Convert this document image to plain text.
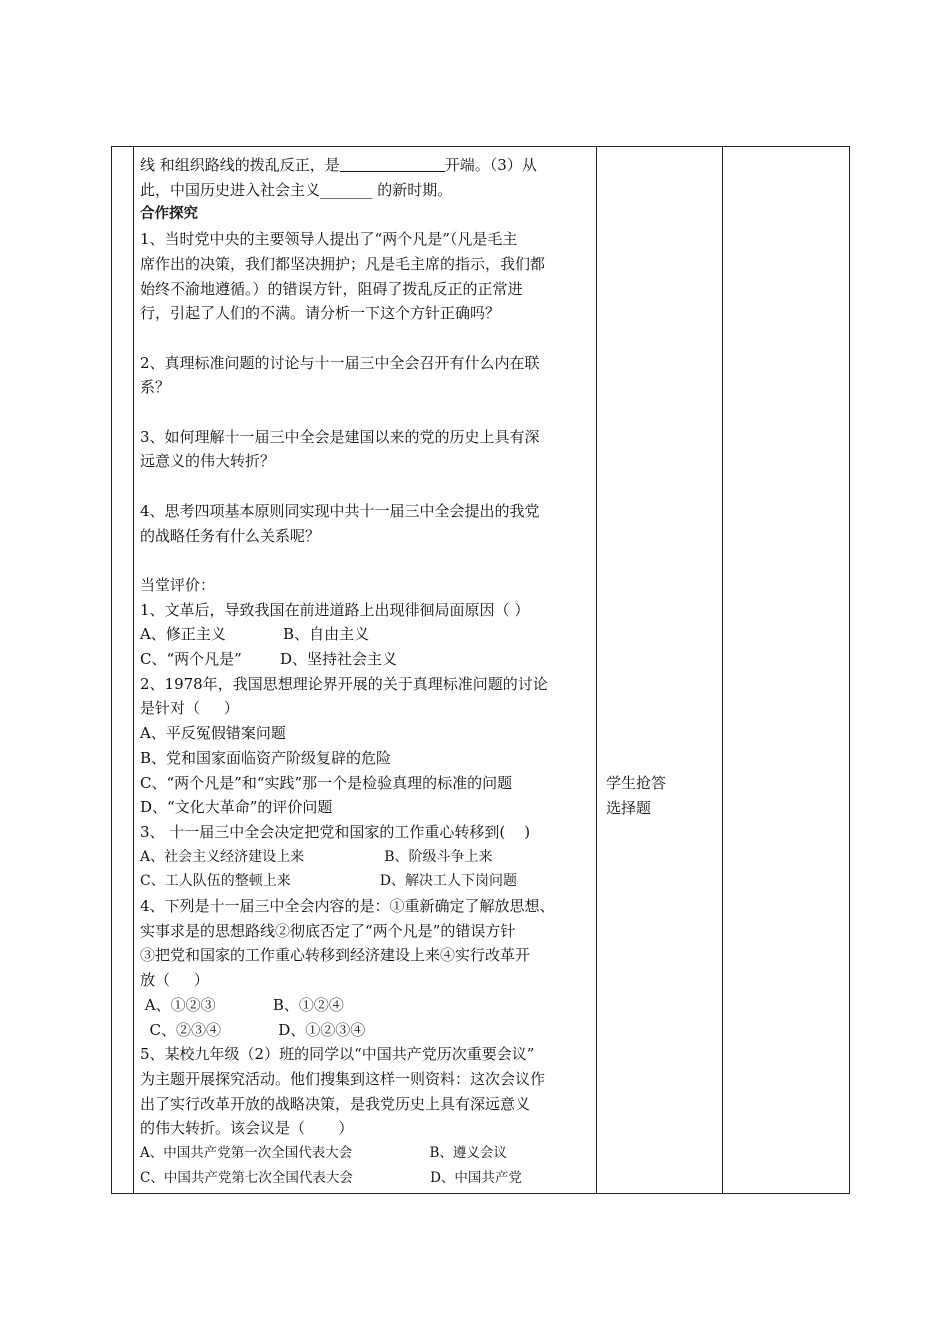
线 和组织路线的拨乱反正，是	开端。（3）从

此，中国历史进入社会主义_______ 的新时期。

合作探究

1、当时党中央的主要领导人提出了“两个凡是”（凡是毛主

席作出的决策，我们都坚决拥护；凡是毛主席的指示，我们都

始终不渝地遵循。）的错误方针，阻碍了拨乱反正的正常进

行，引起了人们的不满。请分析一下这个方针正确吗？

2、真理标准问题的讨论与十一届三中全会召开有什么内在联

系？

3、如何理解十一届三中全会是建国以来的党的历史上具有深

远意义的伟大转折？

4、思考四项基本原则同实现中共十一届三中全会提出的我党

的战略任务有什么关系呢？

当堂评价：

1、文革后，导致我国在前进道路上出现徘徊局面原因（ ）

A、修正主义            B、自由主义

C、“两个凡是”        D、坚持社会主义

2、1978年，我国思想理论界开展的关于真理标准问题的讨论

是针对（     ）

A、平反冤假错案问题

B、党和国家面临资产阶级复辟的危险

C、“两个凡是”和“实践”那一个是检验真理的标准的问题

D、“文化大革命”的评价问题

3、 十一届三中全会决定把党和国家的工作重心转移到(    )

A、社会主义经济建设上来                  B、阶级斗争上来

C、工人队伍的整顿上来                    D、解决工人下岗问题

4、下列是十一届三中全会内容的是：①重新确定了解放思想、

实事求是的思想路线②彻底否定了“两个凡是”的错误方针

③把党和国家的工作重心转移到经济建设上来④实行改革开

放（     ）

A、①②③            B、①②④

C、②③④            D、①②③④

5、某校九年级（2）班的同学以“中国共产党历次重要会议”

为主题开展探究活动。他们搜集到这样一则资料：这次会议作

出了实行改革开放的战略决策，是我党历史上具有深远意义

的伟大转折。该会议是（       ）

A、中国共产党第一次全国代表大会                  B、遵义会议

C、中国共产党第七次全国代表大会                  D、中国共产党

学生抢答
选择题
